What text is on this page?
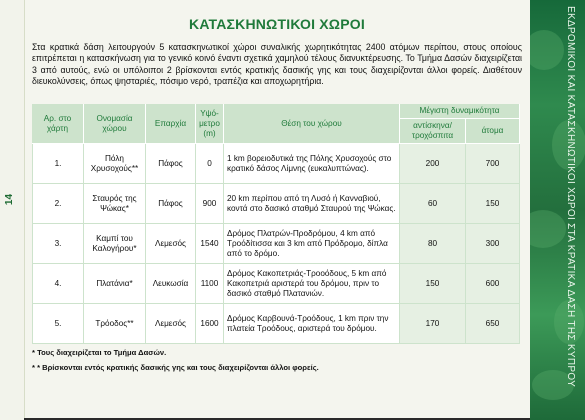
14
ΚΑΤΑΣΚΗΝΩΤΙΚΟΙ ΧΩΡΟΙ
Στα κρατικά δάση λειτουργούν 5 κατασκηνωτικοί χώροι συναλικής χωρητικότητας 2400 ατόμων περίπου, στους οποίους επιτρέπεται η κατασκήνωση για το γενικό κοινό έναντι σχετικά χαμηλού τέλους διανυκτέρευσης. Το Τμήμα Δασών διαχειρίζεται 3 από αυτούς, ενώ οι υπόλοιποι 2 βρίσκονται εντός κρατικής δασικής γης και τους διαχειρίζονται άλλοι φορείς. Διαθέτουν διευκολύνσεις, όπως ψησταριές, πόσιμο νερό, τραπέζια και αποχωρητήρια.
Αρ. στο χάρτη	Ονομασία χώρου	Επαρχία	Υψό-μετρο (m)	Θέση του χώρου	Μέγιστη δυναμικότητα	
					αντίσκηνα/ τροχόσπιτα	άτομα
1.	Πόλη Χρυσοχούς**	Πάφος	0	1 km βορειοδυτικά της Πόλης Χρυσοχούς στο κρατικό δάσος Λίμνης (ευκαλυπτώνας).	200	700
2.	Σταυρός της Ψώκας*	Πάφος	900	20 km περίπου από τη Λυσό ή Κανναβιού, κοντά στο δασικό σταθμό Σταυρού της Ψώκας.	60	150
3.	Καμπί του Καλογήρου*	Λεμεσός	1540	Δρόμος Πλατρών-Προδρόμου, 4 km από Τροόδίτισσα και 3 km από Πρόδρομο, δίπλα από το δρόμο.	80	300
4.	Πλατάνια*	Λευκωσία	1100	Δρόμος Κακοπετριάς-Τροοόδους, 5 km από Κακοπετριά αριστερά του δρόμου, πριν το δασικό σταθμό Πλατανιών.	150	600
5.	Τρόοδος**	Λεμεσός	1600	Δρόμος Καρβουνά-Τροόδους, 1 km πριν την πλατεία Τροόδους, αριστερά του δρόμου.	170	650
* Τους διαχειρίζεται το Τμήμα Δασών.
* * Βρίσκονται εντός κρατικής δασικής γης και τους διαχειρίζονται άλλοι φορείς.	ΕΚΔΡΟΜΙΚΟΙ ΚΑΙ ΚΑΤΑΣΚΗΝΩΤΙΚΟΙ ΧΩΡΟΙ ΣΤΑ ΚΡΑΤΙΚΑ ΔΑΣΗ ΤΗΣ ΚΥΠΡΟΥ
